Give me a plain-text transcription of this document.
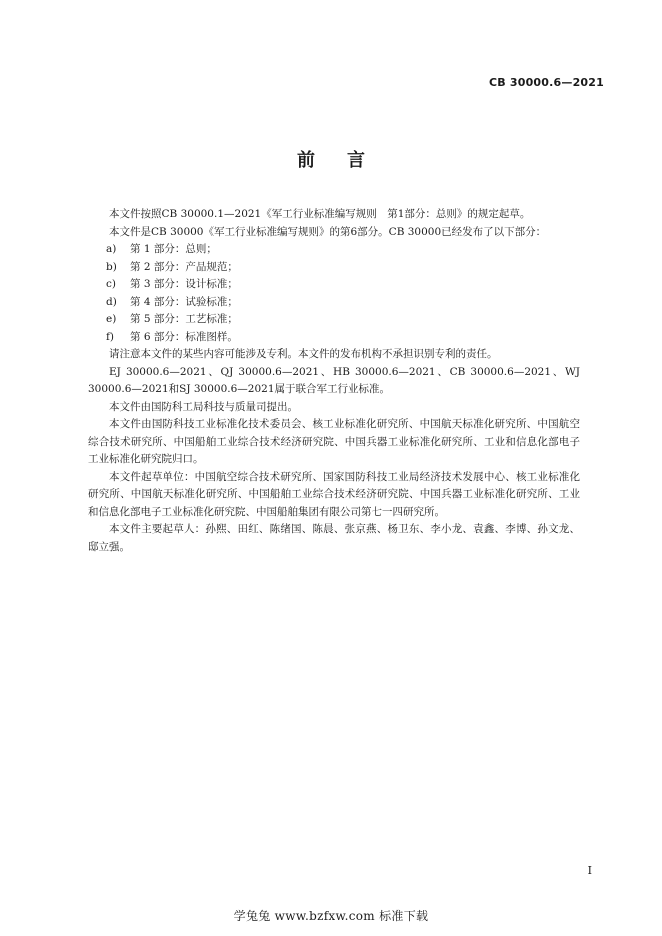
CB 30000.6—2021
前 言

本文件按照CB 30000.1—2021《军工行业标准编写规则　第1部分：总则》的规定起草。

本文件是CB 30000《军工行业标准编写规则》的第6部分。CB 30000已经发布了以下部分：

a)	第 1 部分：总则；
b)	第 2 部分：产品规范；
c)	第 3 部分：设计标准；
d)	第 4 部分：试验标准；
e)	第 5 部分：工艺标准；
f)	第 6 部分：标准图样。

请注意本文件的某些内容可能涉及专利。本文件的发布机构不承担识别专利的责任。

EJ 30000.6—2021、QJ 30000.6—2021、HB 30000.6—2021、CB 30000.6—2021、WJ 30000.6—2021和SJ 30000.6—2021属于联合军工行业标准。

本文件由国防科工局科技与质量司提出。

本文件由国防科技工业标准化技术委员会、核工业标准化研究所、中国航天标准化研究所、中国航空综合技术研究所、中国船舶工业综合技术经济研究院、中国兵器工业标准化研究所、工业和信息化部电子工业标准化研究院归口。

本文件起草单位：中国航空综合技术研究所、国家国防科技工业局经济技术发展中心、核工业标准化研究所、中国航天标准化研究所、中国船舶工业综合技术经济研究院、中国兵器工业标准化研究所、工业和信息化部电子工业标准化研究院、中国船舶集团有限公司第七一四研究所。

本文件主要起草人：孙熙、田红、陈绪国、陈晨、张京燕、杨卫东、李小龙、袁鑫、李博、孙文龙、邸立强。

I
学兔兔 www.bzfxw.com 标准下载
